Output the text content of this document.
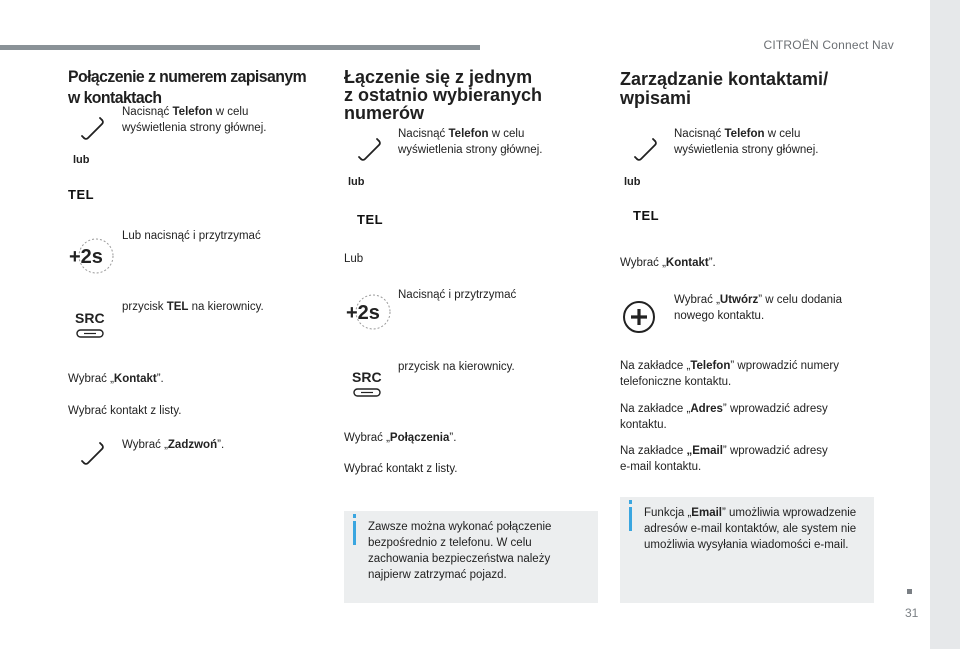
CITROËN Connect Nav
31
Połączenie z numerem zapisanym
w kontaktach
Nacisnąć Telefon w celu
wyświetlenia strony głównej.
lub
TEL
Lub nacisnąć i przytrzymać
+2s
SRC
przycisk TEL na kierownicy.
Wybrać „Kontakt”.
Wybrać kontakt z listy.
Wybrać „Zadzwoń”.
Łączenie się z jednym
z ostatnio wybieranych
numerów
Nacisnąć Telefon w celu
wyświetlenia strony głównej.
lub
TEL
Lub
Nacisnąć i przytrzymać
+2s
SRC
przycisk na kierownicy.
Wybrać „Połączenia”.
Wybrać kontakt z listy.
Zawsze można wykonać połączenie
bezpośrednio z telefonu. W celu
zachowania bezpieczeństwa należy
najpierw zatrzymać pojazd.
Zarządzanie kontaktami/
wpisami
Nacisnąć Telefon w celu
wyświetlenia strony głównej.
lub
TEL
Wybrać „Kontakt”.
Wybrać „Utwórz” w celu dodania
nowego kontaktu.
Na zakładce „Telefon” wprowadzić numery
telefoniczne kontaktu.
Na zakładce „Adres” wprowadzić adresy
kontaktu.
Na zakładce „Email” wprowadzić adresy
e-mail kontaktu.
Funkcja „Email” umożliwia wprowadzenie
adresów e-mail kontaktów, ale system nie
umożliwia wysyłania wiadomości e-mail.
